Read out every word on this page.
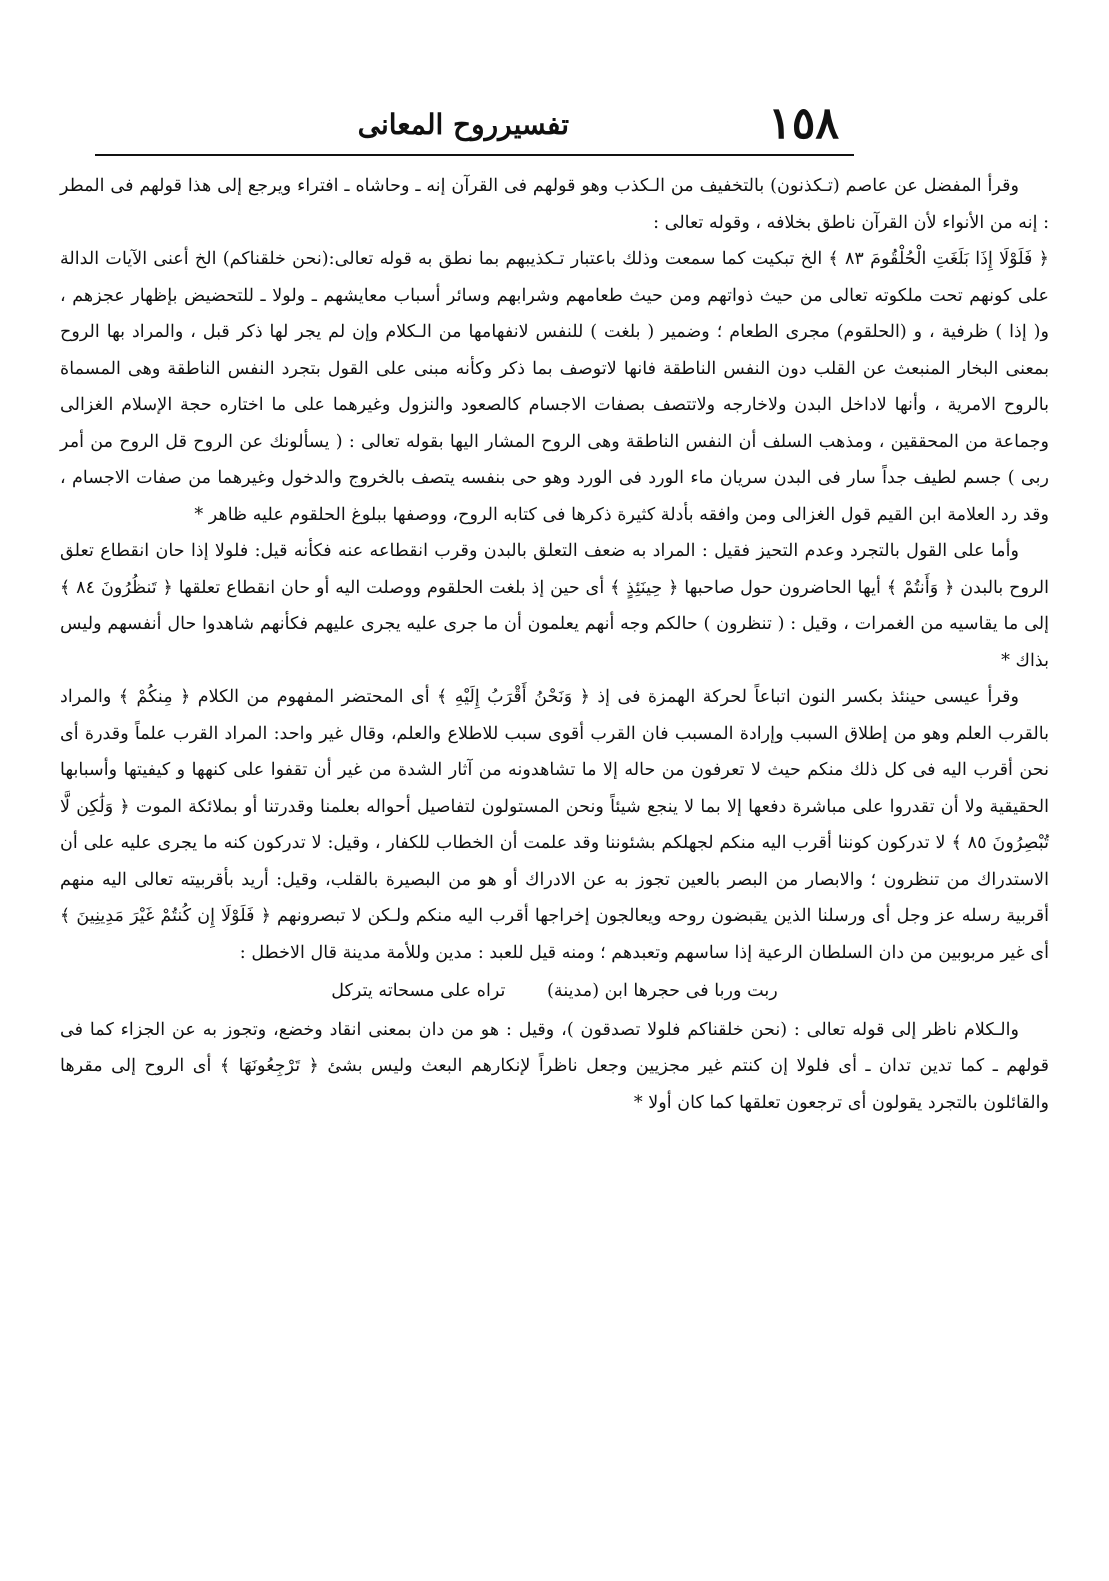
١٥٨
تفسيرروح المعانى

وقرأ المفضل عن عاصم (تـكذنون) بالتخفيف من الـكذب وهو قولهم فى القرآن إنه ـ وحاشاه ـ افتراء ويرجع إلى هذا قولهم فى المطر : إنه من الأنواء لأن القرآن ناطق بخلافه ، وقوله تعالى :

﴿ فَلَوْلَا إِذَا بَلَغَتِ الْحُلْقُومَ ٨٣ ﴾ الخ تبكيت كما سمعت وذلك باعتبار تـكذيبهم بما نطق به قوله تعالى:(نحن خلقناكم) الخ أعنى الآيات الدالة على كونهم تحت ملكوته تعالى من حيث ذواتهم ومن حيث طعامهم وشرابهم وسائر أسباب معايشهم ـ ولولا ـ للتحضيض بإظهار عجزهم ، و( إذا ) ظرفية ، و (الحلقوم) مجرى الطعام ؛ وضمير ( بلغت ) للنفس لانفهامها من الـكلام وإن لم يجر لها ذكر قبل ، والمراد بها الروح بمعنى البخار المنبعث عن القلب دون النفس الناطقة فانها لاتوصف بما ذكر وكأنه مبنى على القول بتجرد النفس الناطقة وهى المسماة بالروح الامرية ، وأنها لاداخل البدن ولاخارجه ولاتتصف بصفات الاجسام كالصعود والنزول وغيرهما على ما اختاره حجة الإسلام الغزالى وجماعة من المحققين ، ومذهب السلف أن النفس الناطقة وهى الروح المشار اليها بقوله تعالى : ( يسألونك عن الروح قل الروح من أمر ربى ) جسم لطيف جداً سار فى البدن سريان ماء الورد فى الورد وهو حى بنفسه يتصف بالخروج والدخول وغيرهما من صفات الاجسام ، وقد رد العلامة ابن القيم قول الغزالى ومن وافقه بأدلة كثيرة ذكرها فى كتابه الروح، ووصفها ببلوغ الحلقوم عليه ظاهر *

وأما على القول بالتجرد وعدم التحيز فقيل : المراد به ضعف التعلق بالبدن وقرب انقطاعه عنه فكأنه قيل: فلولا إذا حان انقطاع تعلق الروح بالبدن ﴿ وَأَنتُمْ ﴾ أيها الحاضرون حول صاحبها ﴿ حِينَئِذٍ ﴾ أى حين إذ بلغت الحلقوم ووصلت اليه أو حان انقطاع تعلقها ﴿ تَنظُرُونَ ٨٤ ﴾ إلى ما يقاسيه من الغمرات ، وقيل : ( تنظرون ) حالكم وجه أنهم يعلمون أن ما جرى عليه يجرى عليهم فكأنهم شاهدوا حال أنفسهم وليس بذاك *

وقرأ عيسى حينئذ بكسر النون اتباعاً لحركة الهمزة فى إذ ﴿ وَنَحْنُ أَقْرَبُ إِلَيْهِ ﴾ أى المحتضر المفهوم من الكلام ﴿ مِنكُمْ ﴾ والمراد بالقرب العلم وهو من إطلاق السبب وإرادة المسبب فان القرب أقوى سبب للاطلاع والعلم، وقال غير واحد: المراد القرب علماً وقدرة أى نحن أقرب اليه فى كل ذلك منكم حيث لا تعرفون من حاله إلا ما تشاهدونه من آثار الشدة من غير أن تقفوا على كنهها و كيفيتها وأسبابها الحقيقية ولا أن تقدروا على مباشرة دفعها إلا بما لا ينجع شيئاً ونحن المستولون لتفاصيل أحواله بعلمنا وقدرتنا أو بملائكة الموت ﴿ وَلَٰكِن لَّا تُبْصِرُونَ ٨٥ ﴾ لا تدركون كوننا أقرب اليه منكم لجهلكم بشئوننا وقد علمت أن الخطاب للكفار ، وقيل: لا تدركون كنه ما يجرى عليه على أن الاستدراك من تنظرون ؛ والابصار من البصر بالعين تجوز به عن الادراك أو هو من البصيرة بالقلب، وقيل: أريد بأقربيته تعالى اليه منهم أقربية رسله عز وجل أى ورسلنا الذين يقبضون روحه ويعالجون إخراجها أقرب اليه منكم ولـكن لا تبصرونهم ﴿ فَلَوْلَا إِن كُنتُمْ غَيْرَ مَدِينِينَ ﴾ أى غير مربوبين من دان السلطان الرعية إذا ساسهم وتعبدهم ؛ ومنه قيل للعبد : مدين وللأمة مدينة قال الاخطل :

ربت وربا فى حجرها ابن (مدينة) تراه على مسحاته يتركل

والـكلام ناظر إلى قوله تعالى : (نحن خلقناكم فلولا تصدقون )، وقيل : هو من دان بمعنى انقاد وخضع، وتجوز به عن الجزاء كما فى قولهم ـ كما تدين تدان ـ أى فلولا إن كنتم غير مجزيين وجعل ناظراً لإنكارهم البعث وليس بشئ ﴿ تَرْجِعُونَهَا ﴾ أى الروح إلى مقرها والقائلون بالتجرد يقولون أى ترجعون تعلقها كما كان أولا *
